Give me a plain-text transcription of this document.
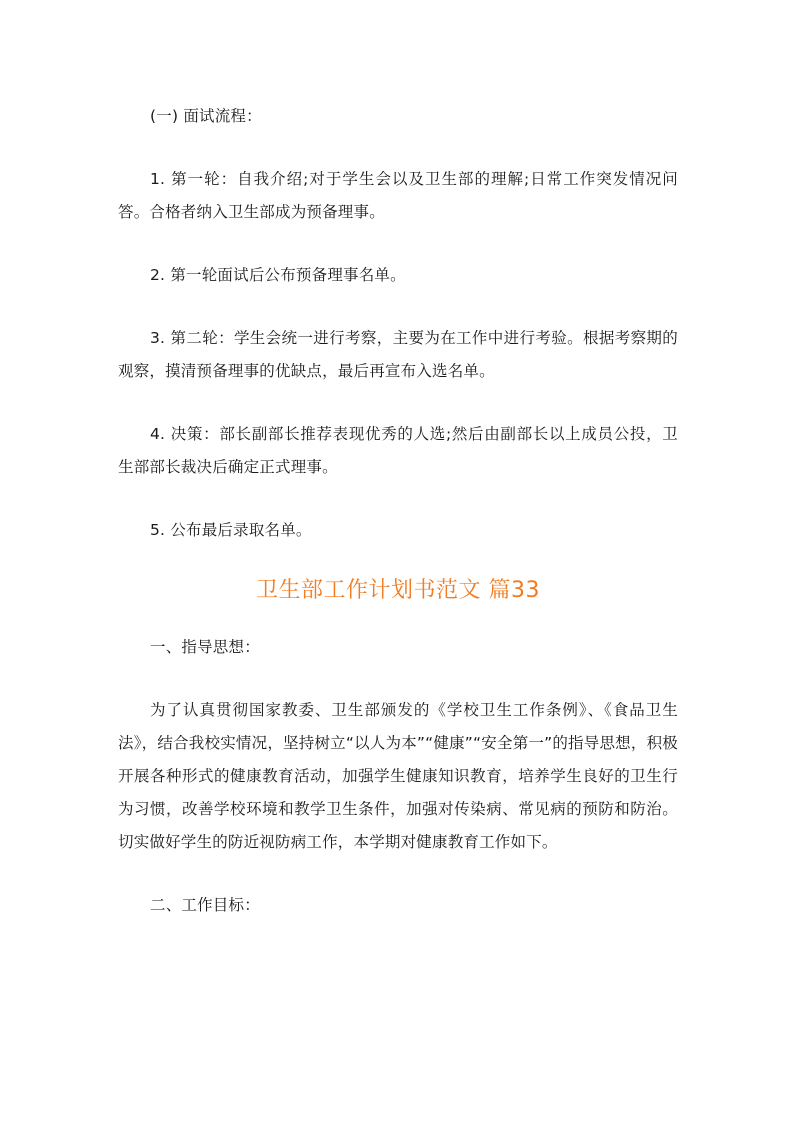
(一) 面试流程：

1. 第一轮：自我介绍;对于学生会以及卫生部的理解;日常工作突发情况问答。合格者纳入卫生部成为预备理事。

2. 第一轮面试后公布预备理事名单。

3. 第二轮：学生会统一进行考察，主要为在工作中进行考验。根据考察期的观察，摸清预备理事的优缺点，最后再宣布入选名单。

4. 决策：部长副部长推荐表现优秀的人选;然后由副部长以上成员公投，卫生部部长裁决后确定正式理事。

5. 公布最后录取名单。

卫生部工作计划书范文 篇33

一、指导思想：

为了认真贯彻国家教委、卫生部颁发的《学校卫生工作条例》、《食品卫生法》，结合我校实情况，坚持树立“以人为本”“健康”“安全第一”的指导思想，积极开展各种形式的健康教育活动，加强学生健康知识教育，培养学生良好的卫生行为习惯，改善学校环境和教学卫生条件，加强对传染病、常见病的预防和防治。切实做好学生的防近视防病工作，本学期对健康教育工作如下。

二、工作目标：
